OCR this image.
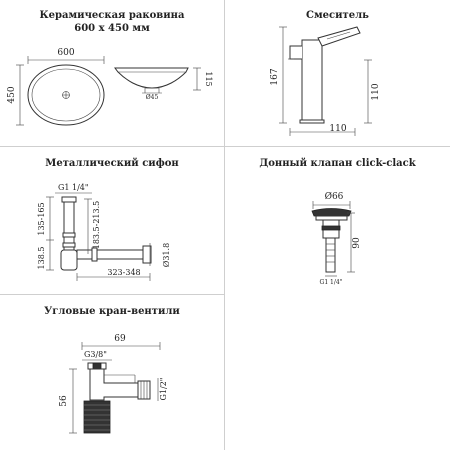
Керамическая раковина
600 x 450 мм
600
450	Ø45
115
Смеситель
167
110
110
Металлический сифон
G1 1/4"
135-165
138.5
183.5-213.5
323-348
Ø31.8
Донный клапан click-clack
Ø66
90
G1 1/4"
Угловые кран-вентили
69
G3/8"
56
G1/2"
